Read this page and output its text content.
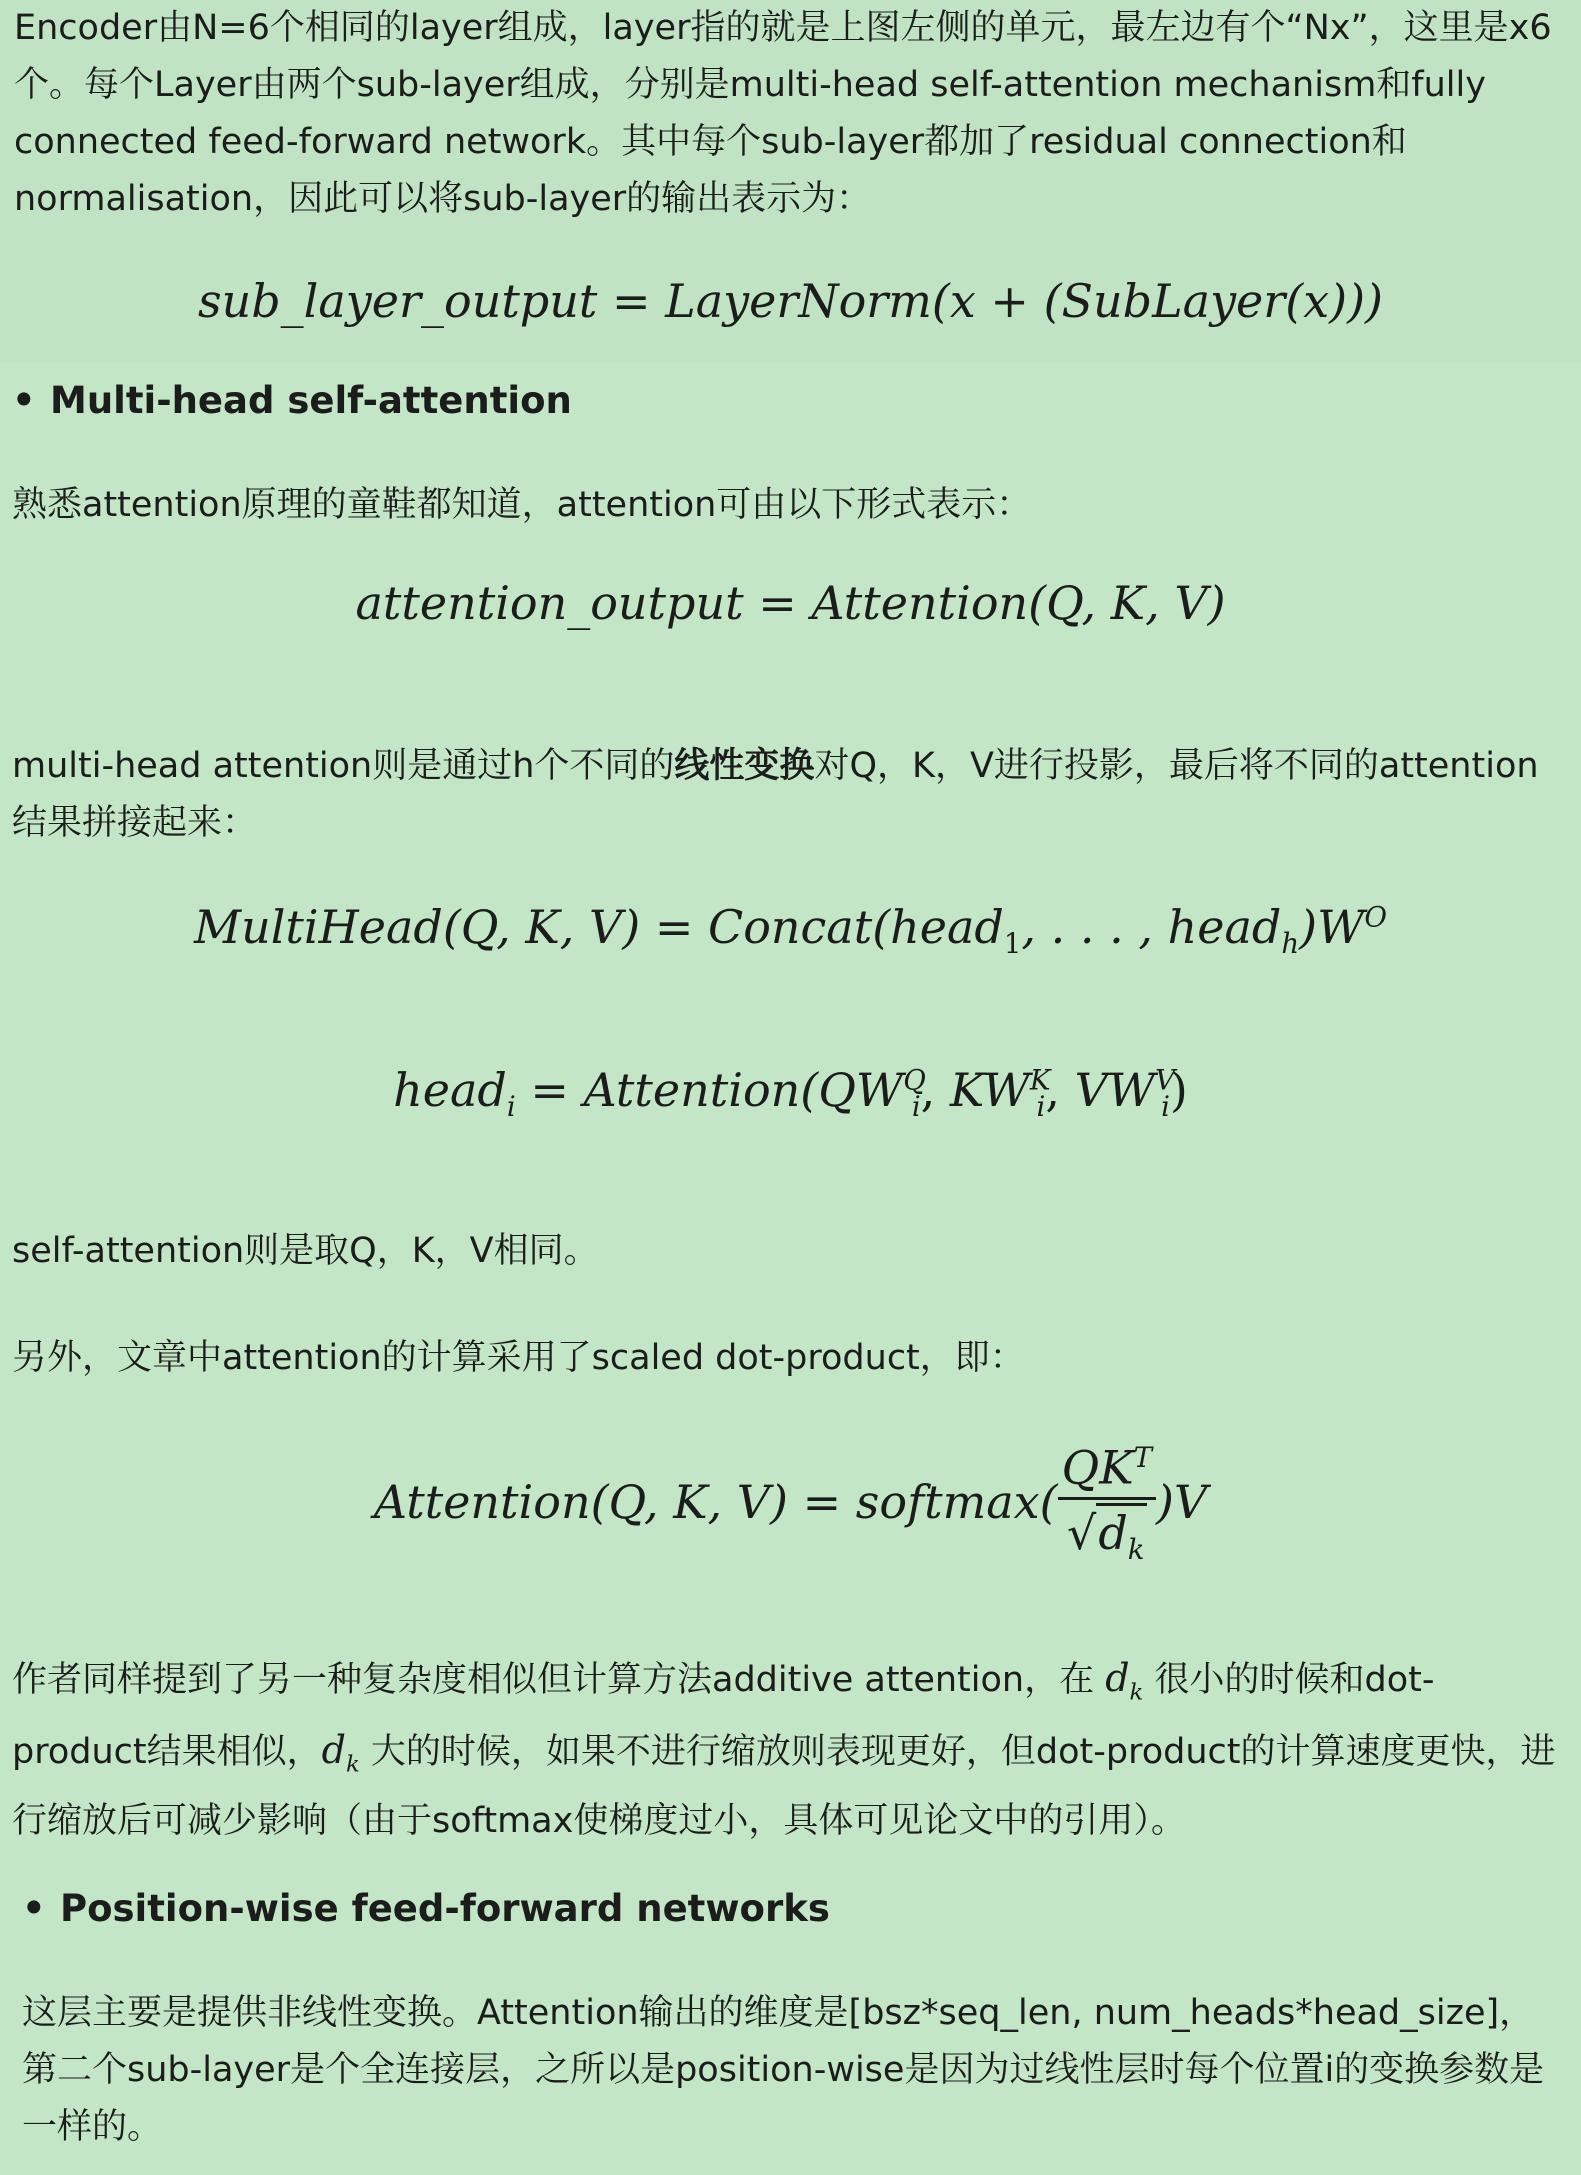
Encoder由N=6个相同的layer组成，layer指的就是上图左侧的单元，最左边有个“Nx”，这里是x6个。每个Layer由两个sub-layer组成，分别是multi-head self-attention mechanism和fully connected feed-forward network。其中每个sub-layer都加了residual connection和normalisation，因此可以将sub-layer的输出表示为：

sub_layer_output = LayerNorm(x + (SubLayer(x)))
• Multi-head self-attention

熟悉attention原理的童鞋都知道，attention可由以下形式表示：

attention_output = Attention(Q, K, V)

multi-head attention则是通过h个不同的线性变换对Q，K，V进行投影，最后将不同的attention结果拼接起来：

MultiHead(Q, K, V) = Concat(head$_1$, . . . , $head_h)W^O$
head$_i$ = $Attention(QW^Q_i$, $KW^K_i$, $VW^V_i$)

self-attention则是取Q，K，V相同。

另外，文章中attention的计算采用了scaled dot-product，即：

Attention(Q, K, V) = softmax( $\frac{QK^T}{√d_k} )V$

作者同样提到了另一种复杂度相似但计算方法additive attention，在 $d_k$ 很小的时候和dot-product结果相似，$d_k$ 大的时候，如果不进行缩放则表现更好，但dot-product的计算速度更快，进行缩放后可减少影响（由于softmax使梯度过小，具体可见论文中的引用）。

• Position-wise feed-forward networks

这层主要是提供非线性变换。Attention输出的维度是[bsz*seq_len, num_heads*head_size]，第二个sub-layer是个全连接层，之所以是position-wise是因为过线性层时每个位置i的变换参数是一样的。
